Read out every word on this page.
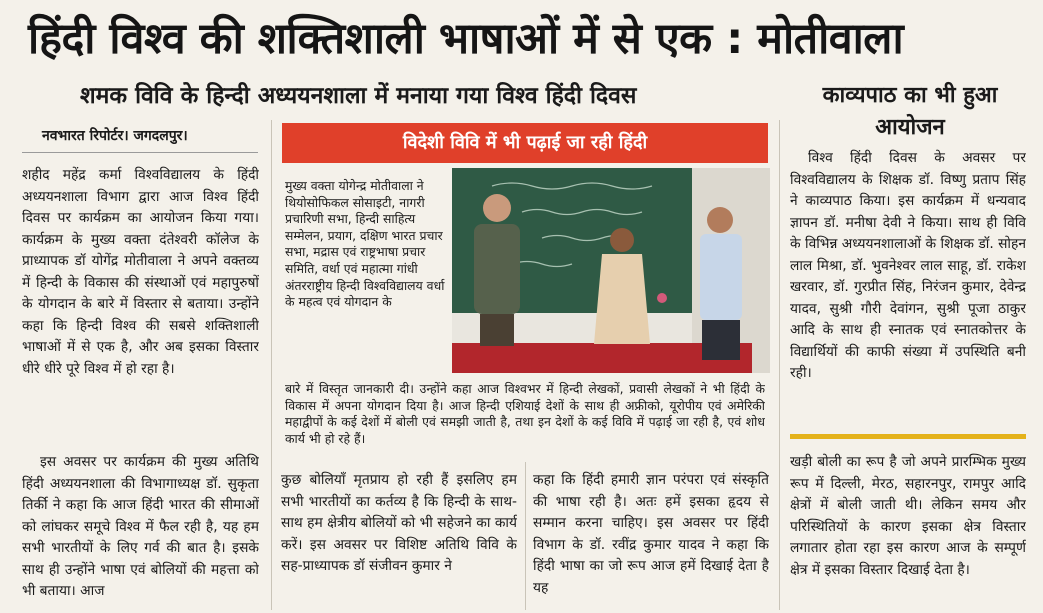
हिंदी विश्व की शक्तिशाली भाषाओं में से एक : मोतीवाला
शमक विवि के हिन्दी अध्ययनशाला में मनाया गया विश्व हिंदी दिवस	काव्यपाठ का भी हुआ आयोजन
नवभारत रिपोर्टर। जगदलपुर।

शहीद महेंद्र कर्मा विश्वविद्यालय के हिंदी अध्ययनशाला विभाग द्वारा आज विश्व हिंदी दिवस पर कार्यक्रम का आयोजन किया गया। कार्यक्रम के मुख्य वक्ता दंतेश्वरी कॉलेज के प्राध्यापक डॉ योगेंद्र मोतीवाला ने अपने वक्तव्य में हिन्दी के विकास की संस्थाओं एवं महापुरुषों के योगदान के बारे में विस्तार से बताया। उन्होंने कहा कि हिन्दी विश्व की सबसे शक्तिशाली भाषाओं में से एक है, और अब इसका विस्तार धीरे धीरे पूरे विश्व में हो रहा है।

इस अवसर पर कार्यक्रम की मुख्य अतिथि हिंदी अध्ययनशाला की विभागाध्यक्ष डॉ. सुकृता तिर्की ने कहा कि आज हिंदी भारत की सीमाओं को लांघकर समूचे विश्व में फैल रही है, यह हम सभी भारतीयों के लिए गर्व की बात है। इसके साथ ही उन्होंने भाषा एवं बोलियों की महत्ता को भी बताया। आज

विदेशी विवि में भी पढ़ाई जा रही हिंदी
मुख्य वक्ता योगेन्द्र मोतीवाला ने थियोसोफिकल सोसाइटी, नागरी प्रचारिणी सभा, हिन्दी साहित्य सम्मेलन, प्रयाग, दक्षिण भारत प्रचार सभा, मद्रास एवं राष्ट्रभाषा प्रचार समिति, वर्धा एवं महात्मा गांधी अंतरराष्ट्रीय हिन्दी विश्वविद्यालय वर्धा के महत्व एवं योगदान के
बारे में विस्तृत जानकारी दी। उन्होंने कहा आज विश्वभर में हिन्दी लेखकों, प्रवासी लेखकों ने भी हिंदी के विकास में अपना योगदान दिया है। आज हिन्दी एशियाई देशों के साथ ही अफ्रीको, यूरोपीय एवं अमेरिकी महाद्वीपों के कई देशों में बोली एवं समझी जाती है, तथा इन देशों के कई विवि में पढ़ाई जा रही है, एवं शोध कार्य भी हो रहे हैं।

कुछ बोलियाँ मृतप्राय हो रही हैं इसलिए हम सभी भारतीयों का कर्तव्य है कि हिन्दी के साथ-साथ हम क्षेत्रीय बोलियों को भी सहेजने का कार्य करें। इस अवसर पर विशिष्ट अतिथि विवि के सह-प्राध्यापक डॉ संजीवन कुमार ने

कहा कि हिंदी हमारी ज्ञान परंपरा एवं संस्कृति की भाषा रही है। अतः हमें इसका हृदय से सम्मान करना चाहिए। इस अवसर पर हिंदी विभाग के डॉ. रवींद्र कुमार यादव ने कहा कि हिंदी भाषा का जो रूप आज हमें दिखाई देता है यह

विश्व हिंदी दिवस के अवसर पर विश्वविद्यालय के शिक्षक डॉ. विष्णु प्रताप सिंह ने काव्यपाठ किया। इस कार्यक्रम में धन्यवाद ज्ञापन डॉ. मनीषा देवी ने किया। साथ ही विवि के विभिन्न अध्ययनशालाओं के शिक्षक डॉ. सोहन लाल मिश्रा, डॉ. भुवनेश्वर लाल साहू, डॉ. राकेश खरवार, डॉ. गुरप्रीत सिंह, निरंजन कुमार, देवेन्द्र यादव, सुश्री गौरी देवांगन, सुश्री पूजा ठाकुर आदि के साथ ही स्नातक एवं स्नातकोत्तर के विद्यार्थियों की काफी संख्या में उपस्थिति बनी रही।

खड़ी बोली का रूप है जो अपने प्रारम्भिक मुख्य रूप में दिल्ली, मेरठ, सहारनपुर, रामपुर आदि क्षेत्रों में बोली जाती थी। लेकिन समय और परिस्थितियों के कारण इसका क्षेत्र विस्तार लगातार होता रहा इस कारण आज के सम्पूर्ण क्षेत्र में इसका विस्तार दिखाई देता है।
